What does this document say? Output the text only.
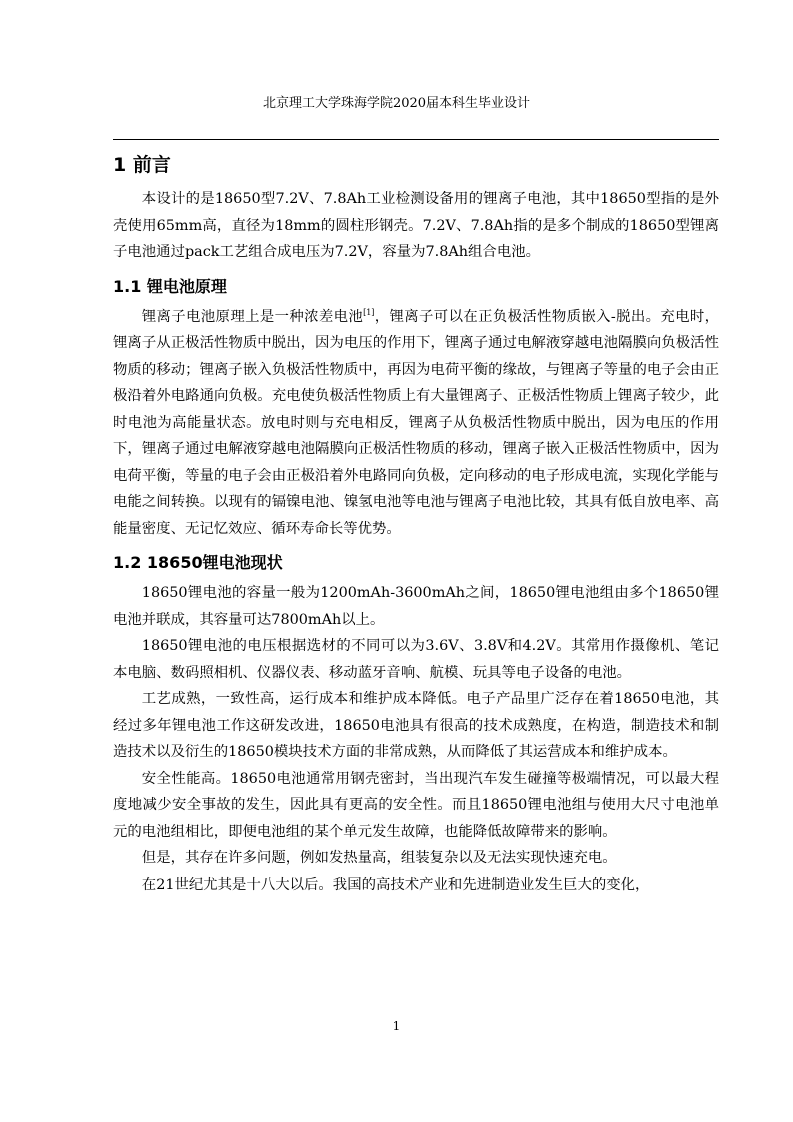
北京理工大学珠海学院2020届本科生毕业设计
1 前言

本设计的是18650型7.2V、7.8Ah工业检测设备用的锂离子电池，其中18650型指的是外壳使用65mm高，直径为18mm的圆柱形钢壳。7.2V、7.8Ah指的是多个制成的18650型锂离子电池通过pack工艺组合成电压为7.2V，容量为7.8Ah组合电池。

1.1 锂电池原理

锂离子电池原理上是一种浓差电池[1]，锂离子可以在正负极活性物质嵌入-脱出。充电时，锂离子从正极活性物质中脱出，因为电压的作用下，锂离子通过电解液穿越电池隔膜向负极活性物质的移动；锂离子嵌入负极活性物质中，再因为电荷平衡的缘故，与锂离子等量的电子会由正极沿着外电路通向负极。充电使负极活性物质上有大量锂离子、正极活性物质上锂离子较少，此时电池为高能量状态。放电时则与充电相反，锂离子从负极活性物质中脱出，因为电压的作用下，锂离子通过电解液穿越电池隔膜向正极活性物质的移动，锂离子嵌入正极活性物质中，因为电荷平衡，等量的电子会由正极沿着外电路同向负极，定向移动的电子形成电流，实现化学能与电能之间转换。以现有的镉镍电池、镍氢电池等电池与锂离子电池比较，其具有低自放电率、高能量密度、无记忆效应、循环寿命长等优势。

1.2 18650锂电池现状

18650锂电池的容量一般为1200mAh-3600mAh之间，18650锂电池组由多个18650锂电池并联成，其容量可达7800mAh以上。

18650锂电池的电压根据选材的不同可以为3.6V、3.8V和4.2V。其常用作摄像机、笔记本电脑、数码照相机、仪器仪表、移动蓝牙音响、航模、玩具等电子设备的电池。

工艺成熟，一致性高，运行成本和维护成本降低。电子产品里广泛存在着18650电池，其经过多年锂电池工作这研发改进，18650电池具有很高的技术成熟度，在构造，制造技术和制造技术以及衍生的18650模块技术方面的非常成熟，从而降低了其运营成本和维护成本。

安全性能高。18650电池通常用钢壳密封，当出现汽车发生碰撞等极端情况，可以最大程度地减少安全事故的发生，因此具有更高的安全性。而且18650锂电池组与使用大尺寸电池单元的电池组相比，即便电池组的某个单元发生故障，也能降低故障带来的影响。

但是，其存在许多问题，例如发热量高，组装复杂以及无法实现快速充电。

在21世纪尤其是十八大以后。我国的高技术产业和先进制造业发生巨大的变化，

1
